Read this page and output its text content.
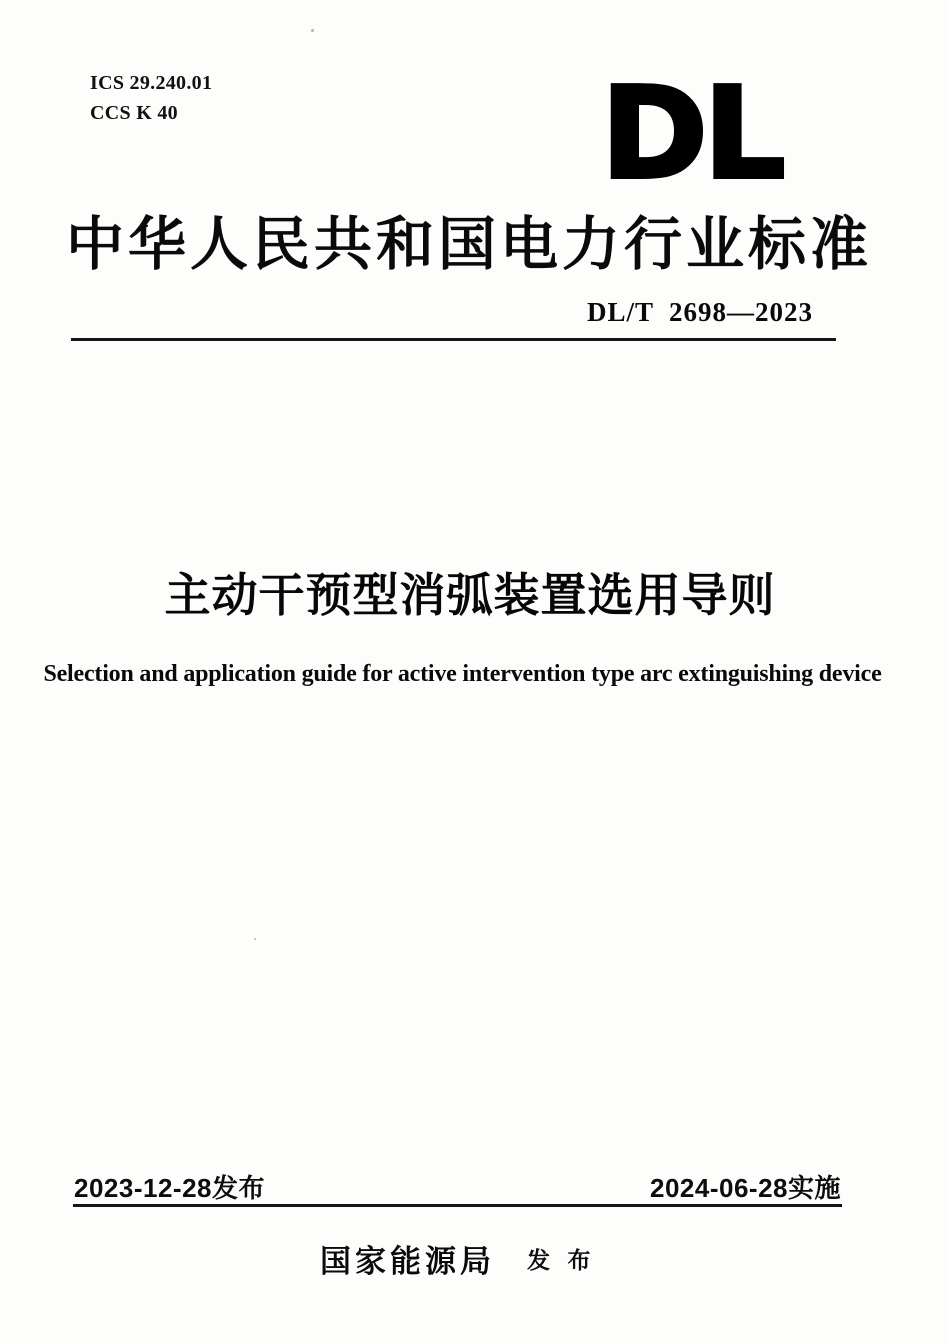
ICS 29.240.01
CCS K 40	DL
中华人民共和国电力行业标准
DL/T  2698—2023
主动干预型消弧装置选用导则
Selection and application guide for active intervention type arc extinguishing device
2023-12-28发布	2024-06-28实施
国家能源局 发  布
